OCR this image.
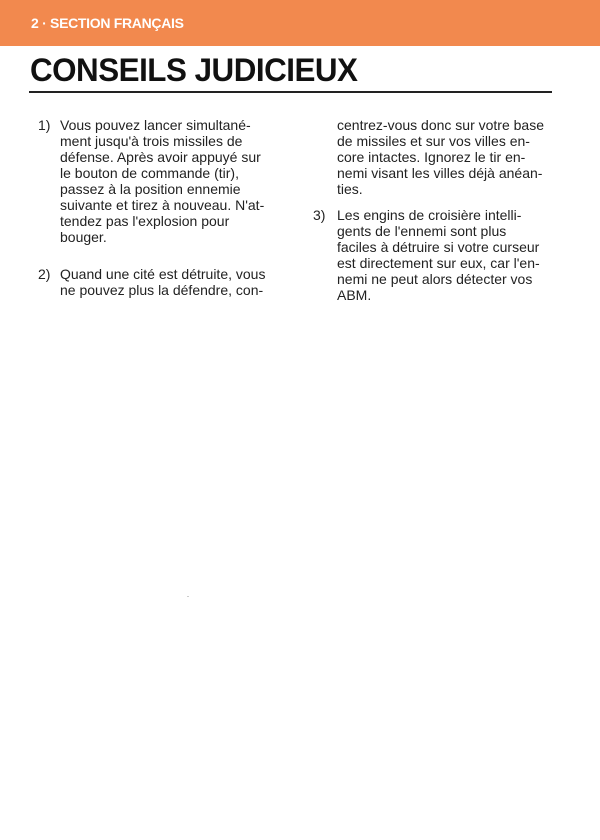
2 · SECTION FRANÇAIS
CONSEILS JUDICIEUX
1) Vous pouvez lancer simultané-
ment jusqu'à trois missiles de
défense. Après avoir appuyé sur
le bouton de commande (tir),
passez à la position ennemie
suivante et tirez à nouveau. N'at-
tendez pas l'explosion pour
bouger.
2) Quand une cité est détruite, vous
ne pouvez plus la défendre, con-
centrez-vous donc sur votre base
de missiles et sur vos villes en-
core intactes. Ignorez le tir en-
nemi visant les villes déjà anéan-
ties.
3) Les engins de croisière intelli-
gents de l'ennemi sont plus
faciles à détruire si votre curseur
est directement sur eux, car l'en-
nemi ne peut alors détecter vos
ABM.
